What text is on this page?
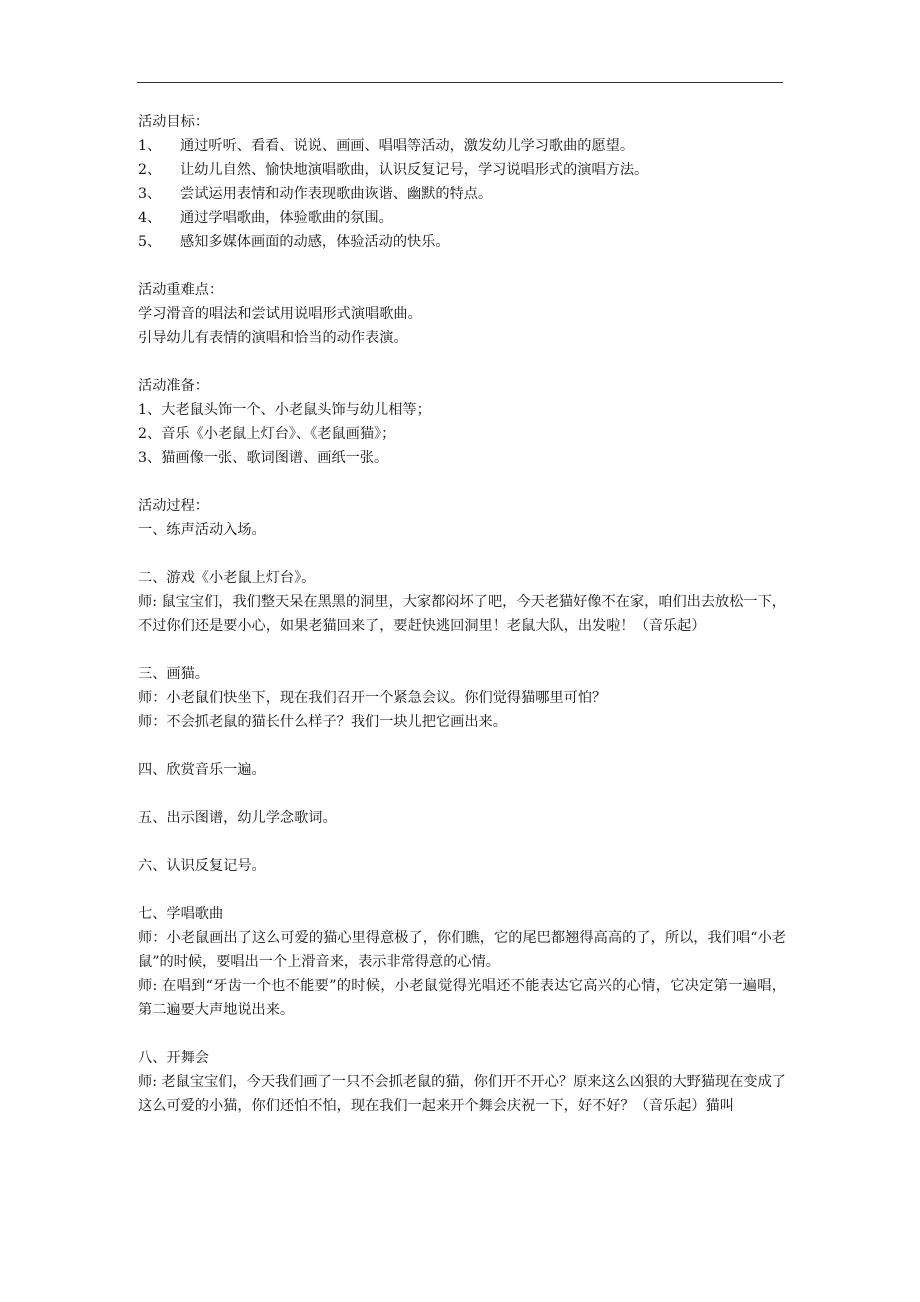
活动目标：
1、 通过听听、看看、说说、画画、唱唱等活动，激发幼儿学习歌曲的愿望。
2、 让幼儿自然、愉快地演唱歌曲，认识反复记号，学习说唱形式的演唱方法。
3、 尝试运用表情和动作表现歌曲诙谐、幽默的特点。
4、 通过学唱歌曲，体验歌曲的氛围。
5、 感知多媒体画面的动感，体验活动的快乐。
活动重难点：
学习滑音的唱法和尝试用说唱形式演唱歌曲。
引导幼儿有表情的演唱和恰当的动作表演。
活动准备：
1、大老鼠头饰一个、小老鼠头饰与幼儿相等；
2、音乐《小老鼠上灯台》、《老鼠画猫》；
3、猫画像一张、歌词图谱、画纸一张。
活动过程：
一、练声活动入场。
二、游戏《小老鼠上灯台》。
师: 鼠宝宝们，我们整天呆在黑黑的洞里，大家都闷坏了吧，今天老猫好像不在家，咱们出去放松一下，不过你们还是要小心，如果老猫回来了，要赶快逃回洞里！老鼠大队，出发啦！（音乐起）
三、画猫。
师：小老鼠们快坐下，现在我们召开一个紧急会议。你们觉得猫哪里可怕？
师：不会抓老鼠的猫长什么样子？我们一块儿把它画出来。
四、欣赏音乐一遍。
五、出示图谱，幼儿学念歌词。
六、认识反复记号。
七、学唱歌曲
师：小老鼠画出了这么可爱的猫心里得意极了，你们瞧，它的尾巴都翘得高高的了，所以，我们唱“小老鼠”的时候，要唱出一个上滑音来，表示非常得意的心情。
师: 在唱到“牙齿一个也不能要”的时候，小老鼠觉得光唱还不能表达它高兴的心情，它决定第一遍唱，第二遍要大声地说出来。
八、开舞会
师: 老鼠宝宝们，今天我们画了一只不会抓老鼠的猫，你们开不开心？原来这么凶狠的大野猫现在变成了这么可爱的小猫，你们还怕不怕，现在我们一起来开个舞会庆祝一下，好不好？（音乐起）猫叫
